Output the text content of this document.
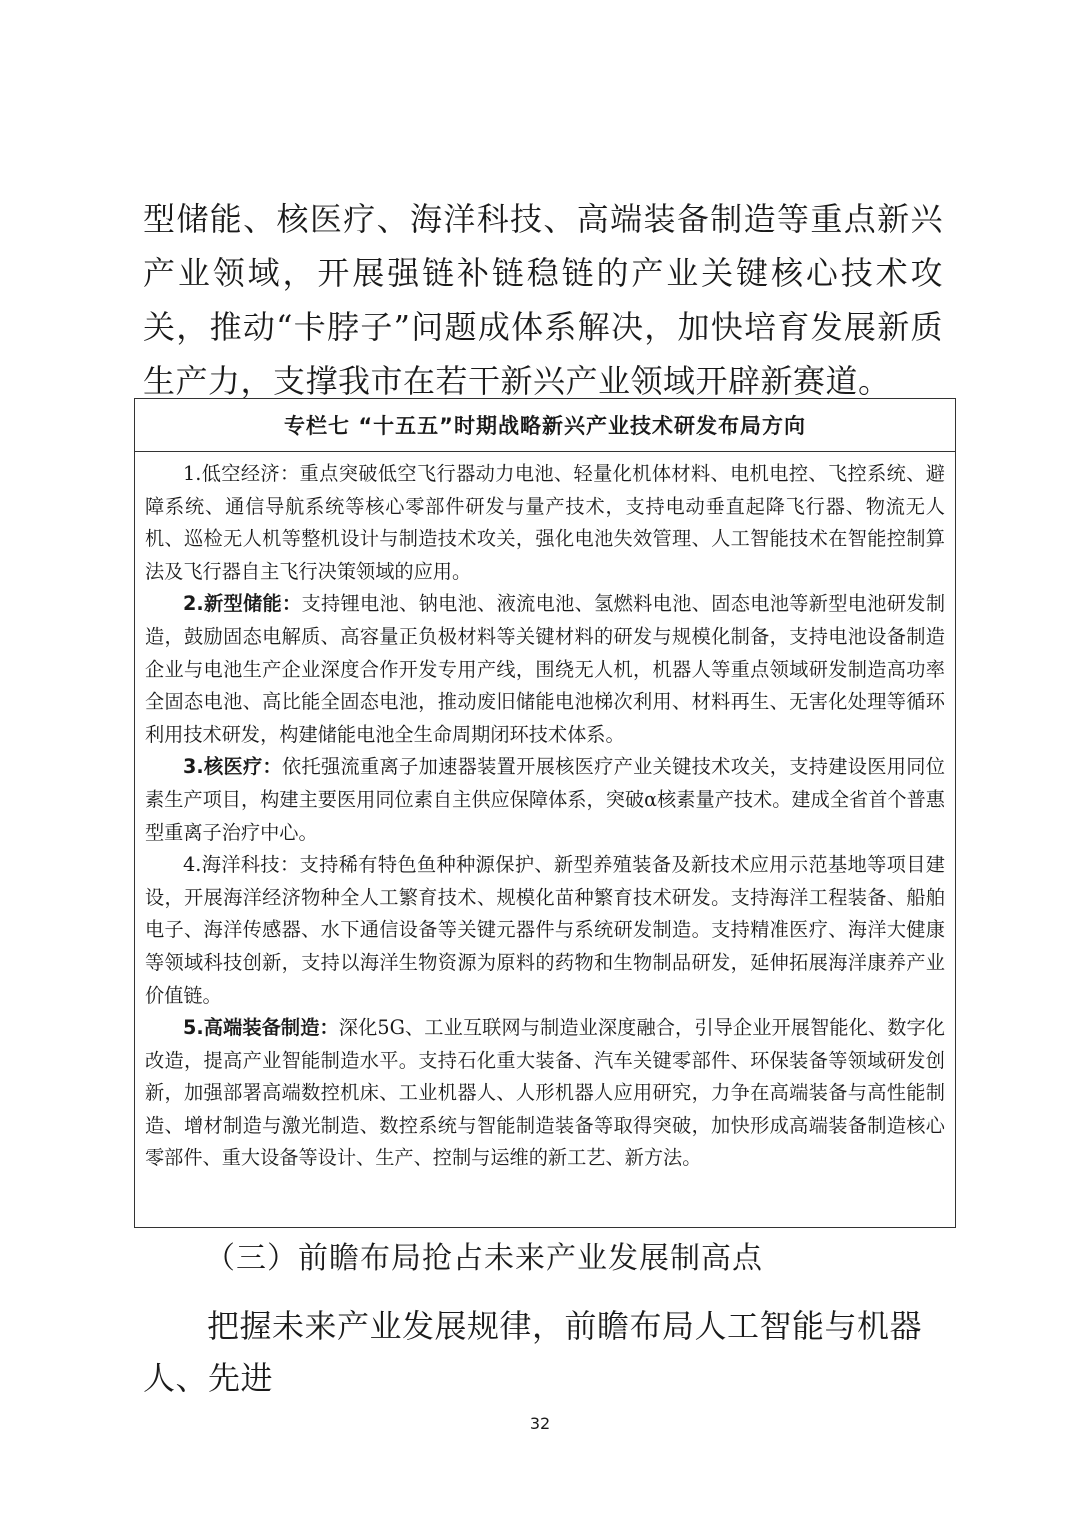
型储能、核医疗、海洋科技、高端装备制造等重点新兴产业领域，开展强链补链稳链的产业关键核心技术攻关，推动“卡脖子”问题成体系解决，加快培育发展新质生产力，支撑我市在若干新兴产业领域开辟新赛道。

专栏七 “十五五”时期战略新兴产业技术研发布局方向

1.低空经济：重点突破低空飞行器动力电池、轻量化机体材料、电机电控、飞控系统、避障系统、通信导航系统等核心零部件研发与量产技术，支持电动垂直起降飞行器、物流无人机、巡检无人机等整机设计与制造技术攻关，强化电池失效管理、人工智能技术在智能控制算法及飞行器自主飞行决策领域的应用。

2.新型储能：支持锂电池、钠电池、液流电池、氢燃料电池、固态电池等新型电池研发制造，鼓励固态电解质、高容量正负极材料等关键材料的研发与规模化制备，支持电池设备制造企业与电池生产企业深度合作开发专用产线，围绕无人机，机器人等重点领域研发制造高功率全固态电池、高比能全固态电池，推动废旧储能电池梯次利用、材料再生、无害化处理等循环利用技术研发，构建储能电池全生命周期闭环技术体系。

3.核医疗：依托强流重离子加速器装置开展核医疗产业关键技术攻关，支持建设医用同位素生产项目，构建主要医用同位素自主供应保障体系，突破α核素量产技术。建成全省首个普惠型重离子治疗中心。

4.海洋科技：支持稀有特色鱼种种源保护、新型养殖装备及新技术应用示范基地等项目建设，开展海洋经济物种全人工繁育技术、规模化苗种繁育技术研发。支持海洋工程装备、船舶电子、海洋传感器、水下通信设备等关键元器件与系统研发制造。支持精准医疗、海洋大健康等领域科技创新，支持以海洋生物资源为原料的药物和生物制品研发，延伸拓展海洋康养产业价值链。

5.高端装备制造：深化5G、工业互联网与制造业深度融合，引导企业开展智能化、数字化改造，提高产业智能制造水平。支持石化重大装备、汽车关键零部件、环保装备等领域研发创新，加强部署高端数控机床、工业机器人、人形机器人应用研究，力争在高端装备与高性能制造、增材制造与激光制造、数控系统与智能制造装备等取得突破，加快形成高端装备制造核心零部件、重大设备等设计、生产、控制与运维的新工艺、新方法。

（三）前瞻布局抢占未来产业发展制高点
把握未来产业发展规律，前瞻布局人工智能与机器人、先进
32
